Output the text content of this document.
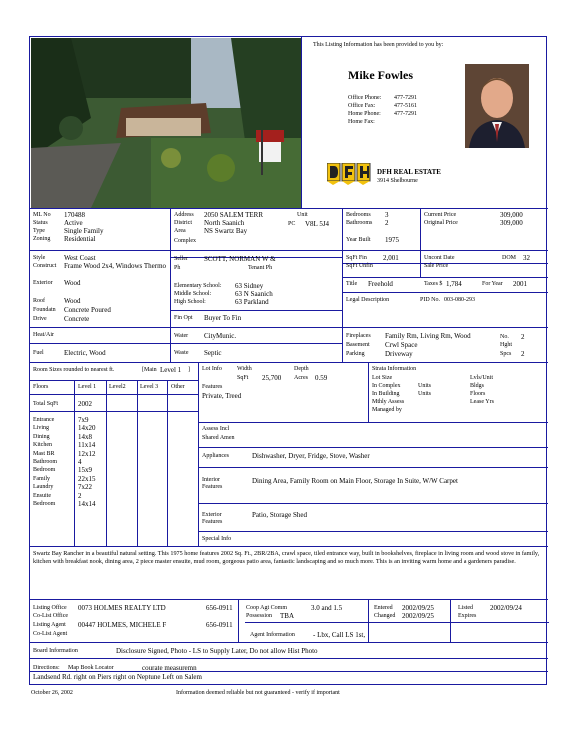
This Listing Information has been provided to you by:
Mike Fowles
Office Phone: 477-7291
Office Fax:	477-5161
Home Phone: 477-7291
Home Fax:
DFH REAL ESTATE
3914 Shelbourne
ML No 170488
Status Active
Type	Single Family
Zoning Residential
Address 2050 SALEM TERR	Unit
District North Saanich	PC V8L 5J4
Area	NS Swartz Bay
Complex
Bedrooms 3
Bathrooms 2
Year Built 1975
Current Price	309,000
Original Price	309,000
Style	West Coast
Construct Frame Wood 2x4, Windows Thermo
Exterior Wood
Roof	Wood
Foundatn Concrete Poured
Drive Concrete
Seller SCOTT, NORMAN W &
Ph	Tenant Ph
Elementary School: 63 Sidney
Middle School:	63 N Saanich
High School:	63 Parkland
Fin Opt Buyer To Fin
SqFt Fin 2,001
SqFt Unfin
Uncont Date	DOM 32
Sale Price
Title Freehold	Taxes $ 1,784	For Year 2001
Legal Description	PID No. 003-080-293
Heat/Air
Fuel	Electric, Wood
Water CityMunic.
Waste Septic
Fireplaces Family Rm, Living Rm, Wood
Basement Crwl Space
Parking	Driveway
No. 2
Hght
Spcs 2
Room Sizes rounded to nearest ft.	[Main Level 1 ]
Floors	Level 1 Level2 Level 3 Other
Total SqFt	2002
Entrance	7x9
Living	14x20
Dining	14x8
Kitchen	11x14
Mast BR	12x12
Bathroom	4
Bedroom	15x9
Family	22x15
Laundry	7x22
Ensuite	2
Bedroom	14x14
Lot Info	Width	Depth
SqFt 25,700 Acres 0.59
Features
Private, Treed
Strata Information
Lot Size	Lvls/Unit
In Complex	Units	Bldgs
In Building	Units	Floors
Mthly Assess	Lease Yrs
Managed by
Assess Incl
Shared Amen
Appliances	Dishwasher, Dryer, Fridge, Stove, Washer
Interior Features
Dining Area, Family Room on Main Floor, Storage In Suite, W/W Carpet
Exterior Features
Patio, Storage Shed
Special Info
Swartz Bay Rancher in a beautiful natural setting. This 1975 home features 2002 Sq. Ft., 2BR/2BA, crawl space, tiled entrance way, built in bookshelves, fireplace in living room and wood stove in family, kitchen with breakfast nook, dining area, 2 piece master ensuite, mud room, gorgeous patio area, fantastic landscaping and so much more. This is an inviting warm home and a gardeners paradise.
Listing Office 0073 HOLMES REALTY LTD	656-0911
Co-List Office
Listing Agent 00447 HOLMES, MICHELE F	656-0911
Co-List Agent
Coop Agt Comm	3.0 and 1.5
Possession TBA
Entered 2002/09/25
Changed 2002/09/25
Listed 2002/09/24
Expires
Agent Information	- Lbx, Call LS 1st,
Board Information	Disclosure Signed, Photo - LS to Supply Later, Do not allow Hist Photo
Directions: Map Book Locator	courate measuremn
Landsend Rd. right on Piers right on Neptune Left on Salem
October 26, 2002	Information deemed reliable but not guaranteed - verify if important
